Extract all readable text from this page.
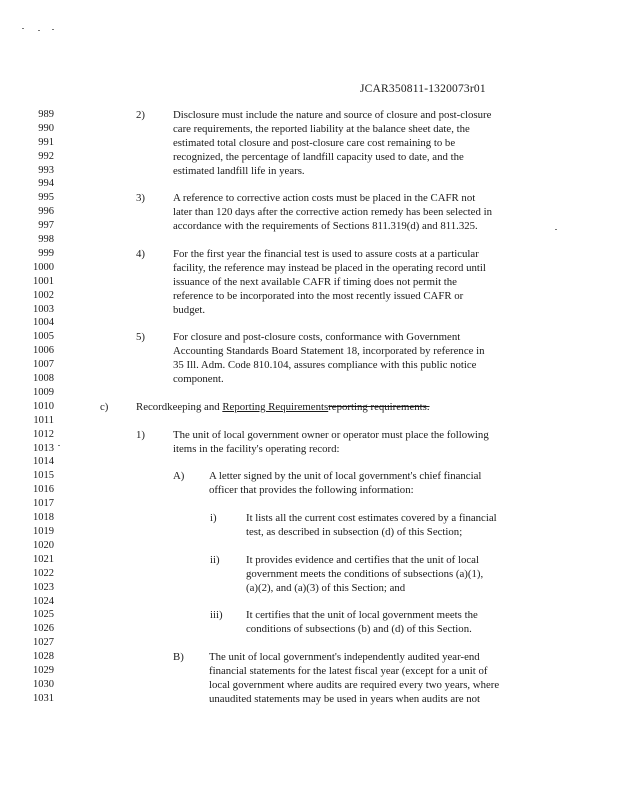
JCAR350811-1320073r01
989
990
991
992
993
994
995
996
997
998
999
1000
1001
1002
1003
1004
1005
1006
1007
1008
1009
1010
1011
1012
1013
1014
1015
1016
1017
1018
1019
1020
1021
1022
1023
1024
1025
1026
1027
1028
1029
1030
1031
2)	Disclosure must include the nature and source of closure and post-closure
care requirements, the reported liability at the balance sheet date, the
estimated total closure and post-closure care cost remaining to be
recognized, the percentage of landfill capacity used to date, and the
estimated landfill life in years.
3)	A reference to corrective action costs must be placed in the CAFR not
later than 120 days after the corrective action remedy has been selected in
accordance with the requirements of Sections 811.319(d) and 811.325.
4)	For the first year the financial test is used to assure costs at a particular
facility, the reference may instead be placed in the operating record until
issuance of the next available CAFR if timing does not permit the
reference to be incorporated into the most recently issued CAFR or
budget.
5)	For closure and post-closure costs, conformance with Government
Accounting Standards Board Statement 18, incorporated by reference in
35 Ill. Adm. Code 810.104, assures compliance with this public notice
component.
c)	Recordkeeping and Reporting Requirementsreporting requirements.
1)	The unit of local government owner or operator must place the following
items in the facility's operating record:
A) A letter signed by the unit of local government's chief financial
officer that provides the following information:
i)	It lists all the current cost estimates covered by a financial
test, as described in subsection (d) of this Section;
ii) It provides evidence and certifies that the unit of local
government meets the conditions of subsections (a)(1),
(a)(2), and (a)(3) of this Section; and
iii) It certifies that the unit of local government meets the
conditions of subsections (b) and (d) of this Section.
B) The unit of local government's independently audited year-end
financial statements for the latest fiscal year (except for a unit of
local government where audits are required every two years, where
unaudited statements may be used in years when audits are not
